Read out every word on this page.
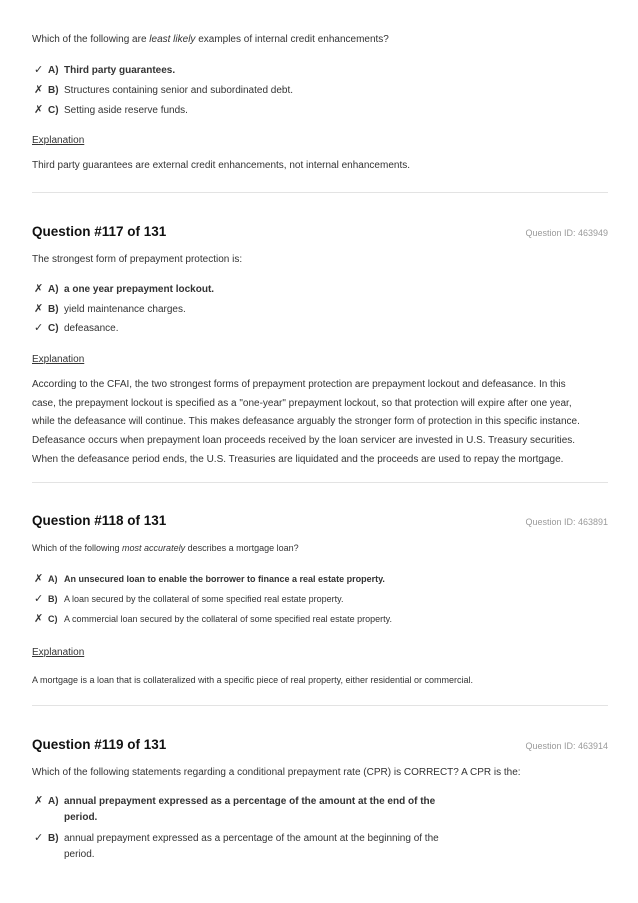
Which of the following are least likely examples of internal credit enhancements?
✓ A) Third party guarantees.
✗ B) Structures containing senior and subordinated debt.
✗ C) Setting aside reserve funds.
Explanation
Third party guarantees are external credit enhancements, not internal enhancements.
Question #117 of 131	Question ID: 463949
The strongest form of prepayment protection is:
✗ A) a one year prepayment lockout.
✗ B) yield maintenance charges.
✓ C) defeasance.
Explanation
According to the CFAI, the two strongest forms of prepayment protection are prepayment lockout and defeasance. In this
case, the prepayment lockout is specified as a "one-year" prepayment lockout, so that protection will expire after one year,
while the defeasance will continue. This makes defeasance arguably the stronger form of protection in this specific instance.
Defeasance occurs when prepayment loan proceeds received by the loan servicer are invested in U.S. Treasury securities.
When the defeasance period ends, the U.S. Treasuries are liquidated and the proceeds are used to repay the mortgage.
Question #118 of 131	Question ID: 463891
Which of the following most accurately describes a mortgage loan?
✗ A) An unsecured loan to enable the borrower to finance a real estate property.
✓ B) A loan secured by the collateral of some specified real estate property.
✗ C) A commercial loan secured by the collateral of some specified real estate property.
Explanation
A mortgage is a loan that is collateralized with a specific piece of real property, either residential or commercial.
Question #119 of 131	Question ID: 463914
Which of the following statements regarding a conditional prepayment rate (CPR) is CORRECT? A CPR is the:
✗ A) annual prepayment expressed as a percentage of the amount at the end of the
period.
✓ B) annual prepayment expressed as a percentage of the amount at the beginning of the
period.
